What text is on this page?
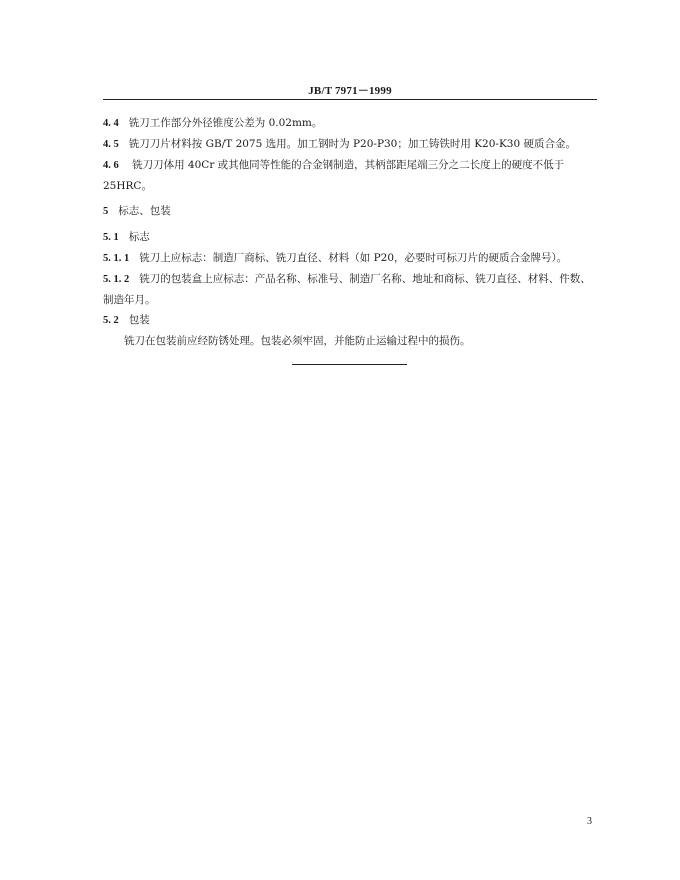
JB/T 7971－1999

4. 4 铣刀工作部分外径锥度公差为 0.02mm。

4. 5 铣刀刀片材料按 GB/T 2075 选用。加工钢时为 P20-P30；加工铸铁时用 K20-K30 硬质合金。

4. 6 铣刀刀体用 40Cr 或其他同等性能的合金钢制造，其柄部距尾端三分之二长度上的硬度不低于 25HRC。

5 标志、包装

5. 1 标志

5. 1. 1 铣刀上应标志：制造厂商标、铣刀直径、材料（如 P20，必要时可标刀片的硬质合金牌号）。

5. 1. 2 铣刀的包装盒上应标志：产品名称、标准号、制造厂名称、地址和商标、铣刀直径、材料、件数、制造年月。

5. 2 包装

铣刀在包装前应经防锈处理。包装必须牢固，并能防止运输过程中的损伤。

3
